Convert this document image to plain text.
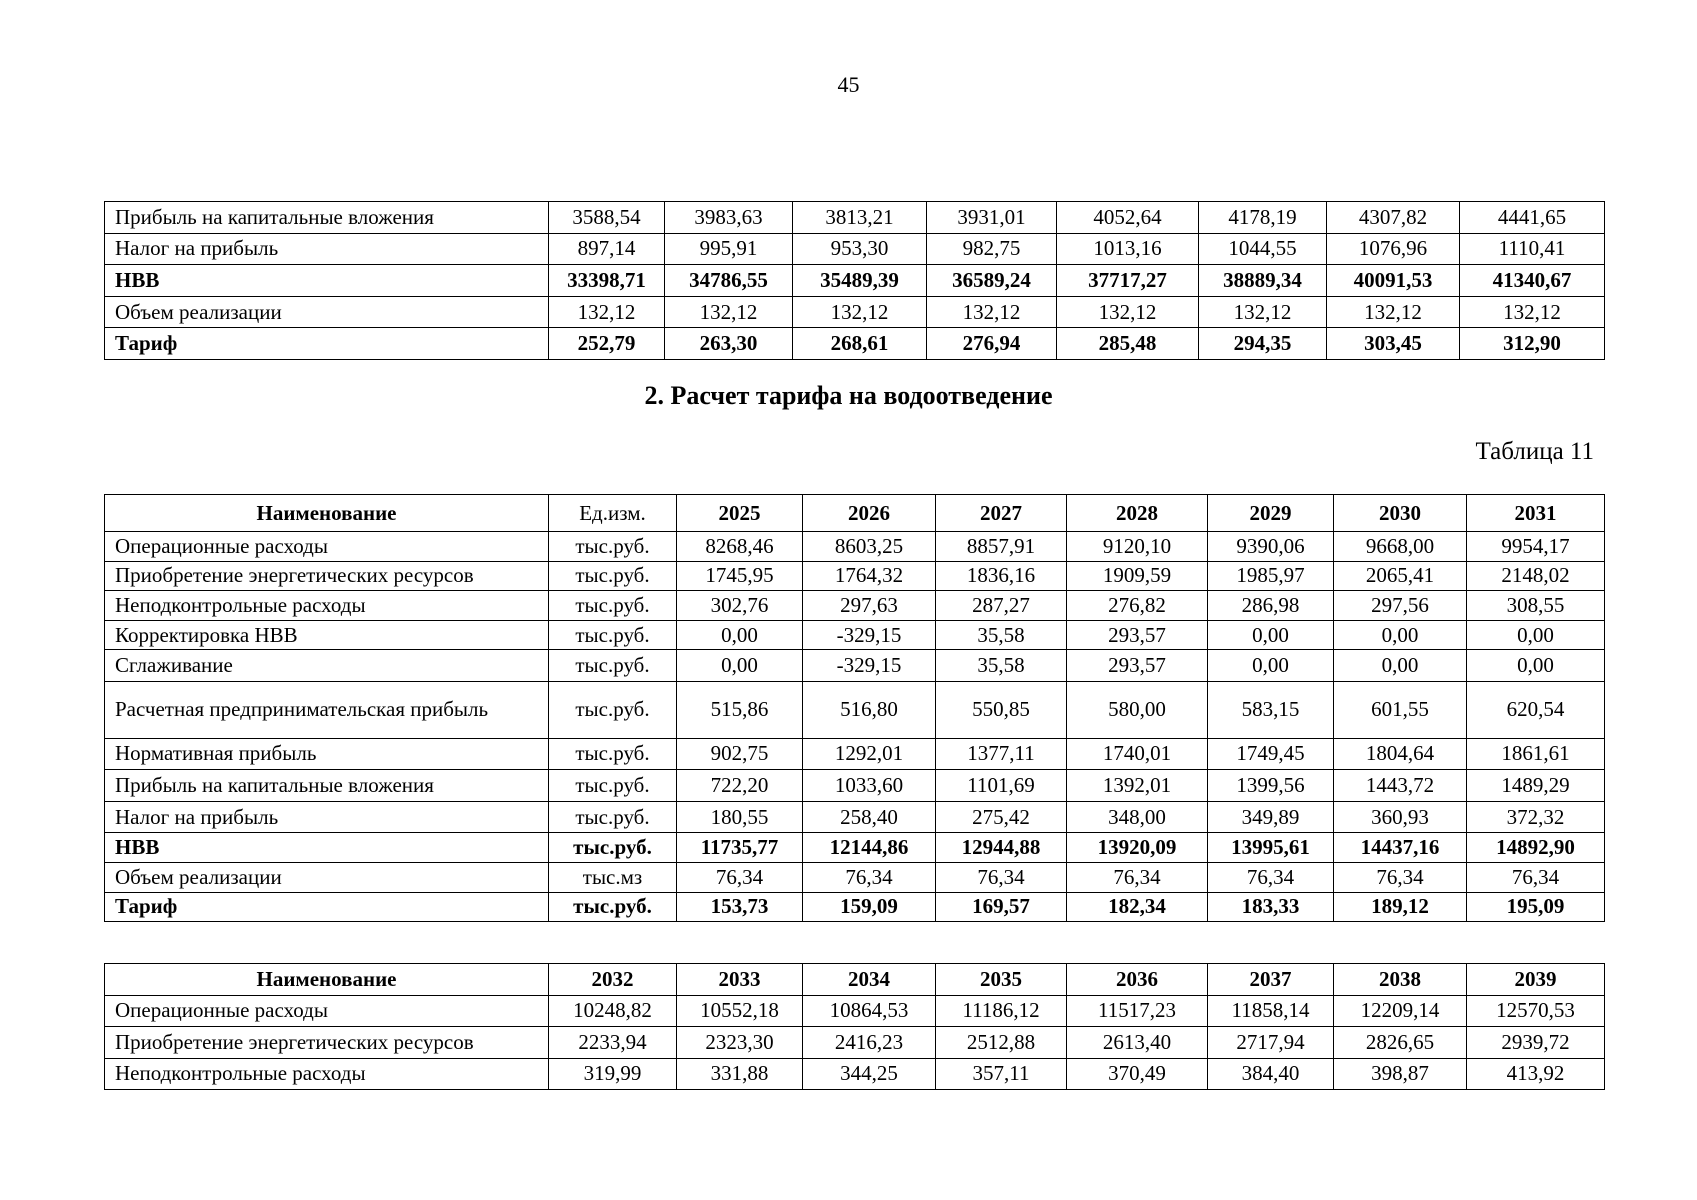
45
Прибыль на капитальные вложения	3588,54	3983,63	3813,21	3931,01	4052,64	4178,19	4307,82	4441,65
Налог на прибыль	897,14	995,91	953,30	982,75	1013,16	1044,55	1076,96	1110,41
НВВ	33398,71	34786,55	35489,39	36589,24	37717,27	38889,34	40091,53	41340,67
Объем реализации	132,12	132,12	132,12	132,12	132,12	132,12	132,12	132,12
Тариф	252,79	263,30	268,61	276,94	285,48	294,35	303,45	312,90
2. Расчет тарифа на водоотведение
Таблица 11
Наименование	Ед.изм.	2025	2026	2027	2028	2029	2030	2031
Операционные расходы	тыс.руб.	8268,46	8603,25	8857,91	9120,10	9390,06	9668,00	9954,17
Приобретение энергетических ресурсов	тыс.руб.	1745,95	1764,32	1836,16	1909,59	1985,97	2065,41	2148,02
Неподконтрольные расходы	тыс.руб.	302,76	297,63	287,27	276,82	286,98	297,56	308,55
Корректировка НВВ	тыс.руб.	0,00	-329,15	35,58	293,57	0,00	0,00	0,00
Сглаживание	тыс.руб.	0,00	-329,15	35,58	293,57	0,00	0,00	0,00
Расчетная предпринимательская прибыль	тыс.руб.	515,86	516,80	550,85	580,00	583,15	601,55	620,54
Нормативная прибыль	тыс.руб.	902,75	1292,01	1377,11	1740,01	1749,45	1804,64	1861,61
Прибыль на капитальные вложения	тыс.руб.	722,20	1033,60	1101,69	1392,01	1399,56	1443,72	1489,29
Налог на прибыль	тыс.руб.	180,55	258,40	275,42	348,00	349,89	360,93	372,32
НВВ	тыс.руб.	11735,77	12144,86	12944,88	13920,09	13995,61	14437,16	14892,90
Объем реализации	тыс.мз	76,34	76,34	76,34	76,34	76,34	76,34	76,34
Тариф	тыс.руб.	153,73	159,09	169,57	182,34	183,33	189,12	195,09
Наименование	2032	2033	2034	2035	2036	2037	2038	2039
Операционные расходы	10248,82	10552,18	10864,53	11186,12	11517,23	11858,14	12209,14	12570,53
Приобретение энергетических ресурсов	2233,94	2323,30	2416,23	2512,88	2613,40	2717,94	2826,65	2939,72
Неподконтрольные расходы	319,99	331,88	344,25	357,11	370,49	384,40	398,87	413,92
